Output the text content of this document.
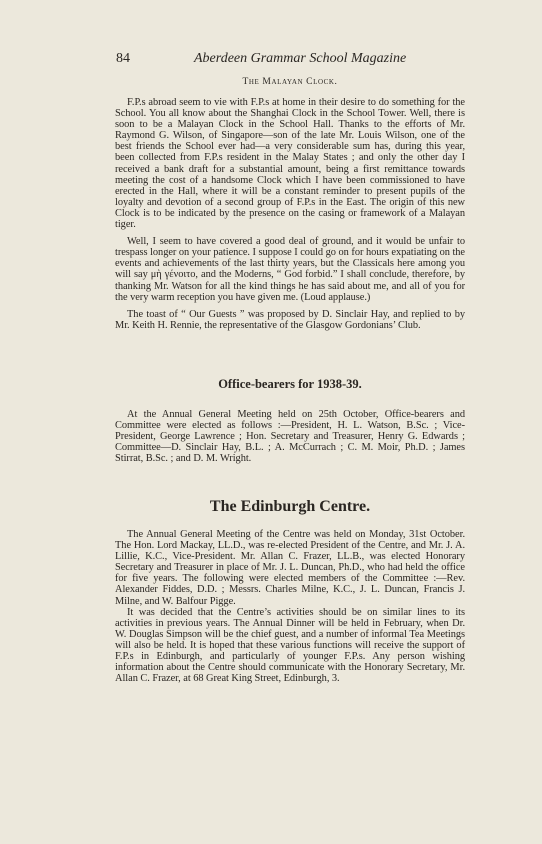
84	Aberdeen Grammar School Magazine
The Malayan Clock.

F.P.s abroad seem to vie with F.P.s at home in their desire to do something for the School. You all know about the Shanghai Clock in the School Tower. Well, there is soon to be a Malayan Clock in the School Hall. Thanks to the efforts of Mr. Raymond G. Wilson, of Singapore—son of the late Mr. Louis Wilson, one of the best friends the School ever had—a very considerable sum has, during this year, been collected from F.P.s resident in the Malay States ; and only the other day I received a bank draft for a substantial amount, being a first remittance towards meeting the cost of a handsome Clock which I have been commissioned to have erected in the Hall, where it will be a constant reminder to present pupils of the loyalty and devotion of a second group of F.P.s in the East. The origin of this new Clock is to be indicated by the presence on the casing or framework of a Malayan tiger.

Well, I seem to have covered a good deal of ground, and it would be unfair to trespass longer on your patience. I suppose I could go on for hours expatiating on the events and achievements of the last thirty years, but the Classicals here among you will say μὴ γένοιτο, and the Moderns, “ God forbid.” I shall conclude, therefore, by thanking Mr. Watson for all the kind things he has said about me, and all of you for the very warm reception you have given me. (Loud applause.)

The toast of “ Our Guests ” was proposed by D. Sinclair Hay, and replied to by Mr. Keith H. Rennie, the representative of the Glasgow Gordonians’ Club.

Office-bearers for 1938-39.

At the Annual General Meeting held on 25th October, Office-bearers and Committee were elected as follows :—President, H. L. Watson, B.Sc. ; Vice-President, George Lawrence ; Hon. Secretary and Treasurer, Henry G. Edwards ; Committee—D. Sinclair Hay, B.L. ; A. McCurrach ; C. M. Moir, Ph.D. ; James Stirrat, B.Sc. ; and D. M. Wright.

The Edinburgh Centre.

The Annual General Meeting of the Centre was held on Monday, 31st October. The Hon. Lord Mackay, LL.D., was re-elected President of the Centre, and Mr. J. A. Lillie, K.C., Vice-President. Mr. Allan C. Frazer, LL.B., was elected Honorary Secretary and Treasurer in place of Mr. J. L. Duncan, Ph.D., who had held the office for five years. The following were elected members of the Committee :—Rev. Alexander Fiddes, D.D. ; Messrs. Charles Milne, K.C., J. L. Duncan, Francis J. Milne, and W. Balfour Pigge.

It was decided that the Centre’s activities should be on similar lines to its activities in previous years. The Annual Dinner will be held in February, when Dr. W. Douglas Simpson will be the chief guest, and a number of informal Tea Meetings will also be held. It is hoped that these various functions will receive the support of F.P.s in Edinburgh, and particularly of younger F.P.s. Any person wishing information about the Centre should communicate with the Honorary Secretary, Mr. Allan C. Frazer, at 68 Great King Street, Edinburgh, 3.
